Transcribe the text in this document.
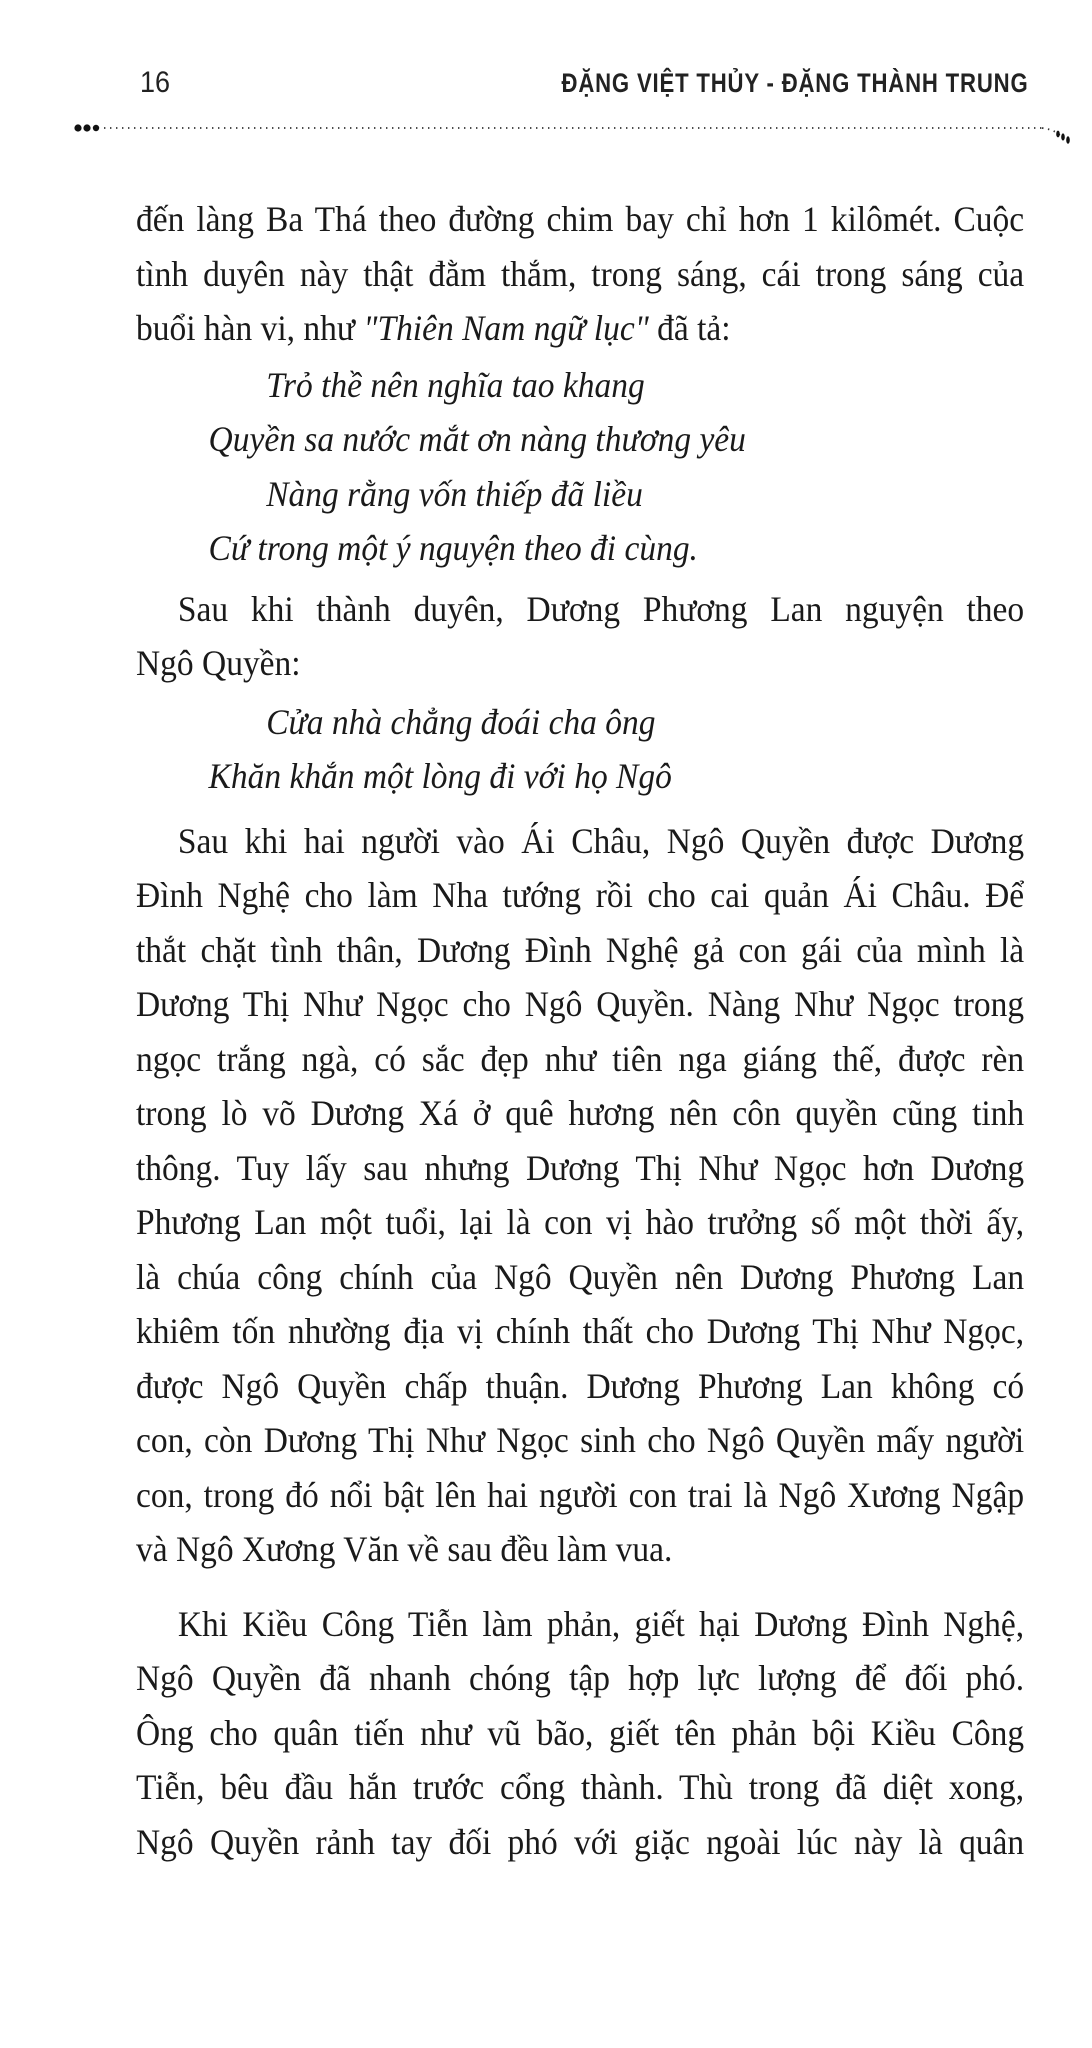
16	ĐẶNG VIỆT THỦY - ĐẶNG THÀNH TRUNG

đến làng Ba Thá theo đường chim bay chỉ hơn 1 kilômét. Cuộc
tình duyên này thật đằm thắm, trong sáng, cái trong sáng của
buổi hàn vi, như "Thiên Nam ngữ lục" đã tả:

Trỏ thề nên nghĩa tao khang
Quyền sa nước mắt ơn nàng thương yêu
Nàng rằng vốn thiếp đã liều
Cứ trong một ý nguyện theo đi cùng.

Sau khi thành duyên, Dương Phương Lan nguyện theo
Ngô Quyền:

Cửa nhà chẳng đoái cha ông
Khăn khắn một lòng đi với họ Ngô

Sau khi hai người vào Ái Châu, Ngô Quyền được Dương
Đình Nghệ cho làm Nha tướng rồi cho cai quản Ái Châu. Để
thắt chặt tình thân, Dương Đình Nghệ gả con gái của mình là
Dương Thị Như Ngọc cho Ngô Quyền. Nàng Như Ngọc trong
ngọc trắng ngà, có sắc đẹp như tiên nga giáng thế, được rèn
trong lò võ Dương Xá ở quê hương nên côn quyền cũng tinh
thông. Tuy lấy sau nhưng Dương Thị Như Ngọc hơn Dương
Phương Lan một tuổi, lại là con vị hào trưởng số một thời ấy,
là chúa công chính của Ngô Quyền nên Dương Phương Lan
khiêm tốn nhường địa vị chính thất cho Dương Thị Như Ngọc,
được Ngô Quyền chấp thuận. Dương Phương Lan không có
con, còn Dương Thị Như Ngọc sinh cho Ngô Quyền mấy người
con, trong đó nổi bật lên hai người con trai là Ngô Xương Ngập
và Ngô Xương Văn về sau đều làm vua.

Khi Kiều Công Tiễn làm phản, giết hại Dương Đình Nghệ,
Ngô Quyền đã nhanh chóng tập hợp lực lượng để đối phó.
Ông cho quân tiến như vũ bão, giết tên phản bội Kiều Công
Tiễn, bêu đầu hắn trước cổng thành. Thù trong đã diệt xong,
Ngô Quyền rảnh tay đối phó với giặc ngoài lúc này là quân
